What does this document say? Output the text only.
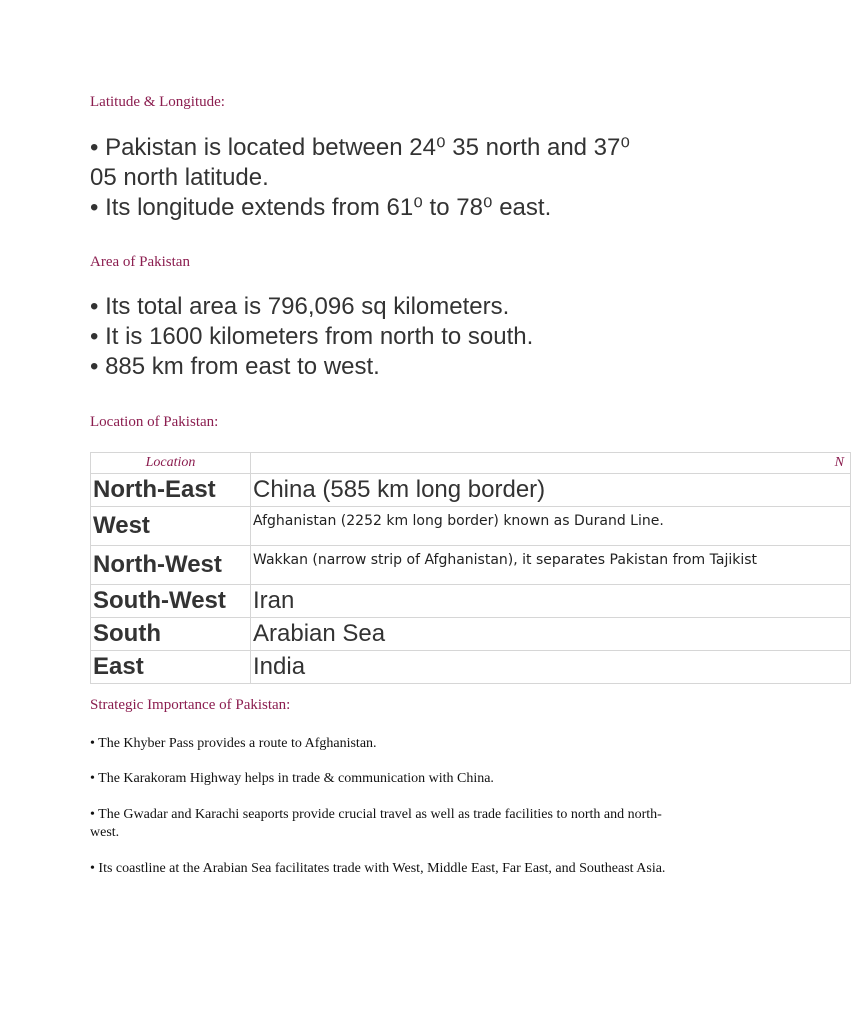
Latitude & Longitude:

• Pakistan is located between 24⁰ 35 north and 37⁰

05 north latitude.

• Its longitude extends from 61⁰ to 78⁰ east.

Area of Pakistan

• Its total area is 796,096 sq kilometers.

• It is 1600 kilometers from north to south.

• 885 km from east to west.

Location of Pakistan:
Location	N
North-East	China (585 km long border)
West	Afghanistan (2252 km long border) known as Durand Line.
North-West	Wakkan (narrow strip of Afghanistan), it separates Pakistan from Tajikist
South-West	Iran
South	Arabian Sea
East	India
Strategic Importance of Pakistan:

• The Khyber Pass provides a route to Afghanistan.

• The Karakoram Highway helps in trade & communication with China.

• The Gwadar and Karachi seaports provide crucial travel as well as trade facilities to north and north-west.

• Its coastline at the Arabian Sea facilitates trade with West, Middle East, Far East, and Southeast Asia.
